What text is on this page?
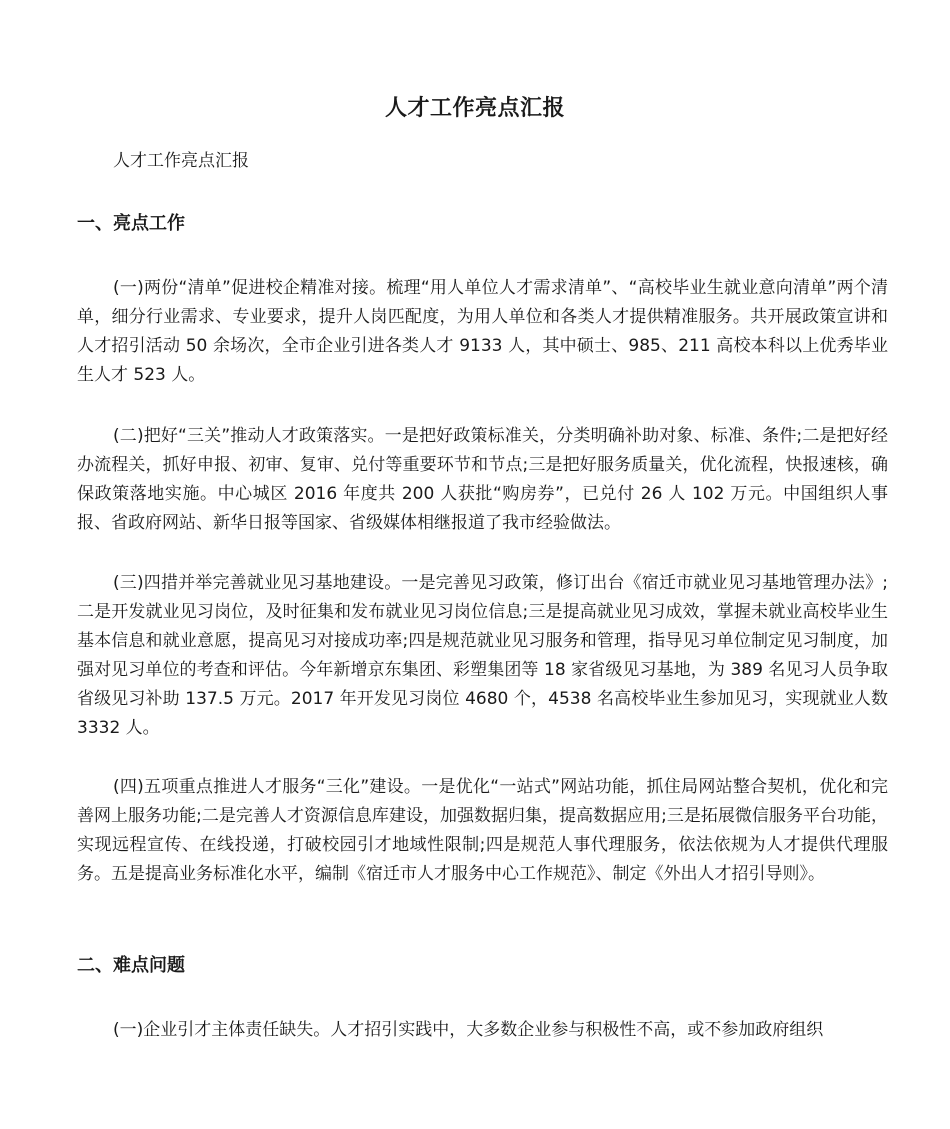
人才工作亮点汇报
人才工作亮点汇报
一、亮点工作

(一)两份“清单”促进校企精准对接。梳理“用人单位人才需求清单”、“高校毕业生就业意向清单”两个清单，细分行业需求、专业要求，提升人岗匹配度，为用人单位和各类人才提供精准服务。共开展政策宣讲和人才招引活动 50 余场次，全市企业引进各类人才 9133 人，其中硕士、985、211 高校本科以上优秀毕业生人才 523 人。

(二)把好“三关”推动人才政策落实。一是把好政策标准关，分类明确补助对象、标准、条件;二是把好经办流程关，抓好申报、初审、复审、兑付等重要环节和节点;三是把好服务质量关，优化流程，快报速核，确保政策落地实施。中心城区 2016 年度共 200 人获批“购房券”，已兑付 26 人 102 万元。中国组织人事报、省政府网站、新华日报等国家、省级媒体相继报道了我市经验做法。

(三)四措并举完善就业见习基地建设。一是完善见习政策，修订出台《宿迁市就业见习基地管理办法》;二是开发就业见习岗位，及时征集和发布就业见习岗位信息;三是提高就业见习成效，掌握未就业高校毕业生基本信息和就业意愿，提高见习对接成功率;四是规范就业见习服务和管理，指导见习单位制定见习制度，加强对见习单位的考查和评估。今年新增京东集团、彩塑集团等 18 家省级见习基地，为 389 名见习人员争取省级见习补助 137.5 万元。2017 年开发见习岗位 4680 个，4538 名高校毕业生参加见习，实现就业人数 3332 人。

(四)五项重点推进人才服务“三化”建设。一是优化“一站式”网站功能，抓住局网站整合契机，优化和完善网上服务功能;二是完善人才资源信息库建设，加强数据归集，提高数据应用;三是拓展微信服务平台功能，实现远程宣传、在线投递，打破校园引才地域性限制;四是规范人事代理服务，依法依规为人才提供代理服务。五是提高业务标准化水平，编制《宿迁市人才服务中心工作规范》、制定《外出人才招引导则》。

二、难点问题

(一)企业引才主体责任缺失。人才招引实践中，大多数企业参与积极性不高，或不参加政府组织
